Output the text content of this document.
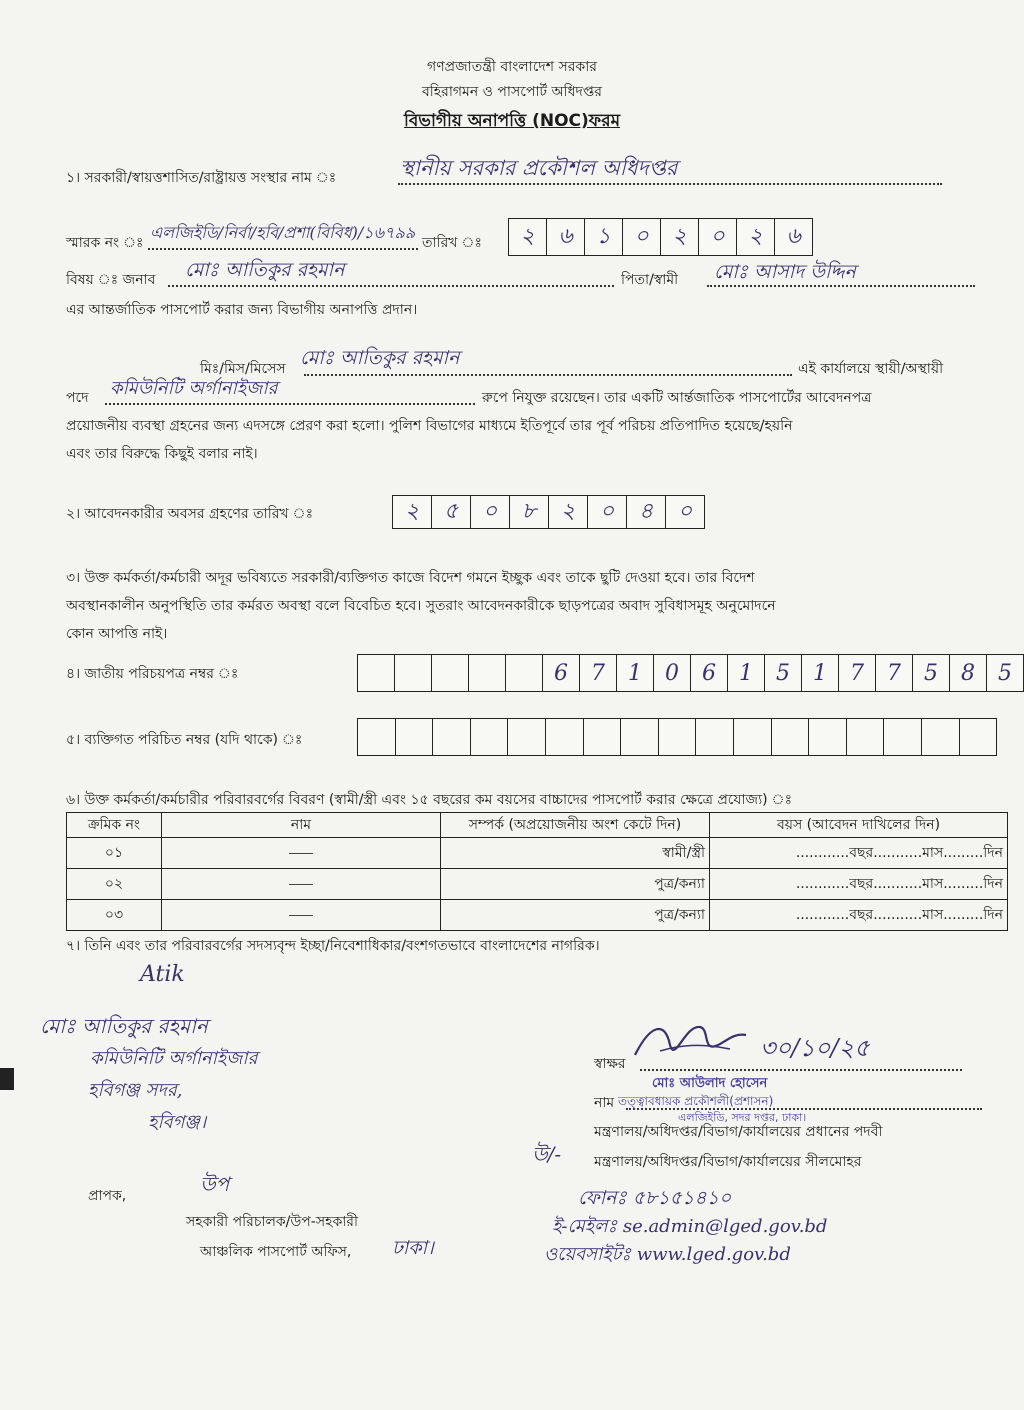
গণপ্রজাতন্ত্রী বাংলাদেশ সরকার
বহিরাগমন ও পাসপোর্ট অধিদপ্তর
বিভাগীয় অনাপত্তি (NOC)ফরম
১। সরকারী/স্বায়ত্তশাসিত/রাষ্ট্রায়ত্ত সংস্থার নাম ঃ	স্থানীয় সরকার প্রকৌশল অধিদপ্তর
স্মারক নং ঃ
এলজিইডি/নির্বা/হবি/প্রশা(বিবিধ)/১৬৭৯৯
তারিখ ঃ	২	৬	১	০	২	০	২	৬
বিষয় ঃ জনাব মোঃ আতিকুর রহমান	পিতা/স্বামী মোঃ আসাদ উদ্দিন
এর আন্তর্জাতিক পাসপোর্ট করার জন্য বিভাগীয় অনাপত্তি প্রদান।
মিঃ/মিস/মিসেস মোঃ আতিকুর রহমান	এই কার্যালয়ে স্থায়ী/অস্থায়ী
পদে কমিউনিটি অর্গানাইজার	রুপে নিযুক্ত রয়েছেন। তার একটি আর্ন্তজাতিক পাসপোর্টের আবেদনপত্র
প্রয়োজনীয় ব্যবস্থা গ্রহনের জন্য এদসঙ্গে প্রেরণ করা হলো। পুলিশ বিভাগের মাধ্যমে ইতিপূর্বে তার পূর্ব পরিচয় প্রতিপাদিত হয়েছে/হয়নি
এবং তার বিরুদ্ধে কিছুই বলার নাই।
২। আবেদনকারীর অবসর গ্রহণের তারিখ ঃ	২	৫	০	৮	২	০	৪	০
৩। উক্ত কর্মকর্তা/কর্মচারী অদূর ভবিষ্যতে সরকারী/ব্যক্তিগত কাজে বিদেশ গমনে ইচ্ছুক এবং তাকে ছুটি দেওয়া হবে। তার বিদেশ
অবস্থানকালীন অনুপস্থিতি তার কর্মরত অবস্থা বলে বিবেচিত হবে। সুতরাং আবেদনকারীকে ছাড়পত্রের অবাদ সুবিধাসমূহ অনুমোদনে
কোন আপত্তি নাই।
৪। জাতীয় পরিচয়পত্র নম্বর ঃ	6	7	1	0	6	1	5	1	7	7	5	8	5
৫। ব্যক্তিগত পরিচিত নম্বর (যদি থাকে) ঃ
৬। উক্ত কর্মকর্তা/কর্মচারীর পরিবারবর্গের বিবরণ (স্বামী/স্ত্রী এবং ১৫ বছরের কম বয়সের বাচ্চাদের পাসপোর্ট করার ক্ষেত্রে প্রযোজ্য) ঃ
ক্রমিক নং	নাম	সম্পর্ক (অপ্রয়োজনীয় অংশ কেটে দিন)	বয়স (আবেদন দাখিলের দিন)
০১		স্বামী/স্ত্রী	............বছর...........মাস.........দিন
০২		পুত্র/কন্যা	............বছর...........মাস.........দিন
০৩		পুত্র/কন্যা	............বছর...........মাস.........দিন
৭। তিনি এবং তার পরিবারবর্গের সদস্যবৃন্দ ইচ্ছা/নিবেশাধিকার/বংশগতভাবে বাংলাদেশের নাগরিক।
Atik
মোঃ আতিকুর রহমান
কমিউনিটি অর্গানাইজার
হবিগঞ্জ সদর,
হবিগঞ্জ।
স্বাক্ষর
৩০/১০/২৫
মোঃ আউলাদ হোসেন
নাম তত্ত্বাবধায়ক প্রকৌশলী(প্রশাসন)
এলজিইডি, সদর দপ্তর, ঢাকা।
মন্ত্রণালয়/অধিদপ্তর/বিভাগ/কার্যালয়ের প্রধানের পদবী
উ/- মন্ত্রণালয়/অধিদপ্তর/বিভাগ/কার্যালয়ের সীলমোহর
ফোনঃ ৫৮১৫১৪১০
ই-মেইলঃ se.admin@lged.gov.bd
ওয়েবসাইটঃ www.lged.gov.bd
প্রাপক,	উপ
সহকারী পরিচালক/উপ-সহকারী
আঞ্চলিক পাসপোর্ট অফিস, ঢাকা।
